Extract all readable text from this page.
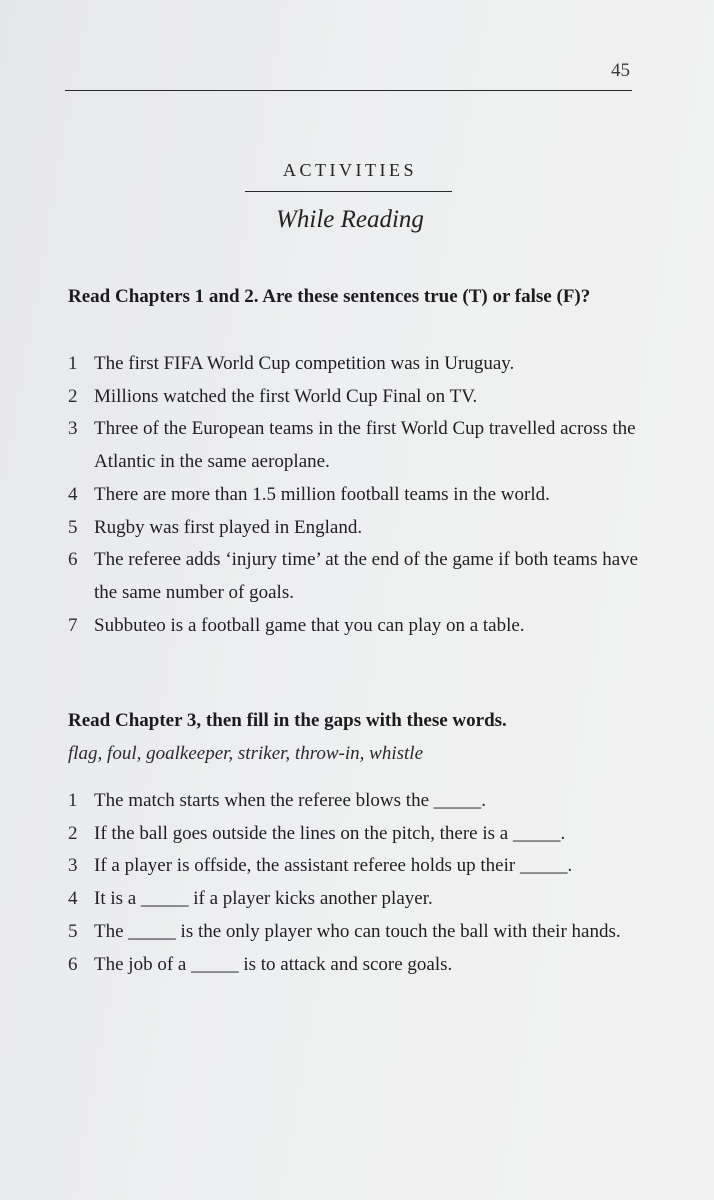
45
ACTIVITIES
While Reading
Read Chapters 1 and 2. Are these sentences true (T) or false (F)?
1 The first FIFA World Cup competition was in Uruguay.
2 Millions watched the first World Cup Final on TV.
3 Three of the European teams in the first World Cup travelled across the Atlantic in the same aeroplane.
4 There are more than 1.5 million football teams in the world.
5 Rugby was first played in England.
6 The referee adds ‘injury time’ at the end of the game if both teams have the same number of goals.
7 Subbuteo is a football game that you can play on a table.
Read Chapter 3, then fill in the gaps with these words.
flag, foul, goalkeeper, striker, throw-in, whistle
1 The match starts when the referee blows the _____.
2 If the ball goes outside the lines on the pitch, there is a _____.
3 If a player is offside, the assistant referee holds up their _____.
4 It is a _____ if a player kicks another player.
5 The _____ is the only player who can touch the ball with their hands.
6 The job of a _____ is to attack and score goals.
